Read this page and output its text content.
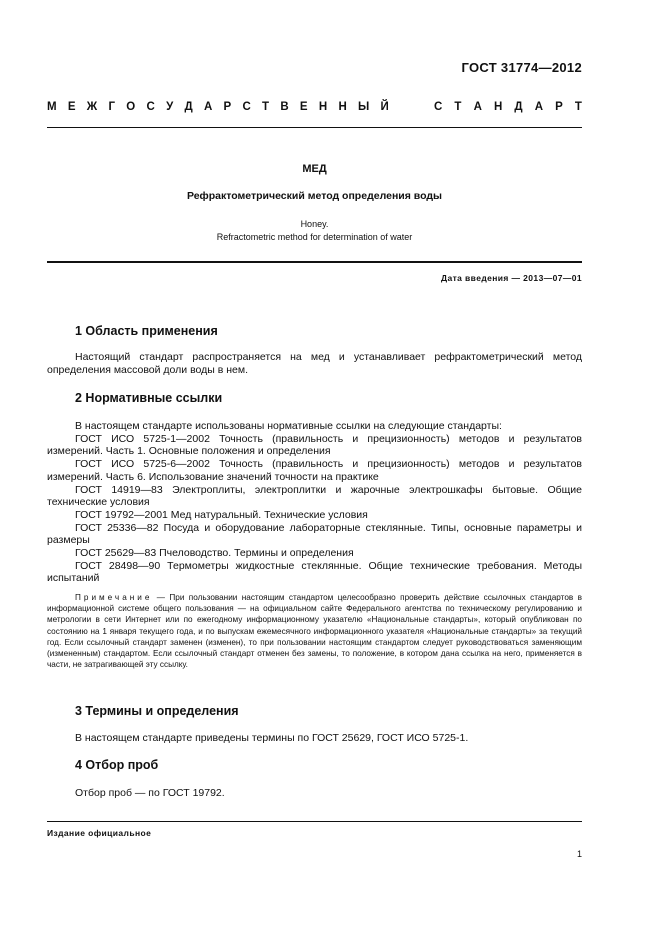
ГОСТ 31774—2012
М Е Ж Г О С У Д А Р С Т В Е Н Н Ы Й	С Т А Н Д А Р Т
МЕД
Рефрактометрический метод определения воды
Honey.
Refractometric method for determination of water
Дата введения — 2013—07—01
1 Область применения
Настоящий стандарт распространяется на мед и устанавливает рефрактометрический метод определения массовой доли воды в нем.
2 Нормативные ссылки
В настоящем стандарте использованы нормативные ссылки на следующие стандарты:
ГОСТ ИСО 5725-1—2002 Точность (правильность и прецизионность) методов и результатов измерений. Часть 1. Основные положения и определения
ГОСТ ИСО 5725-6—2002 Точность (правильность и прецизионность) методов и результатов измерений. Часть 6. Использование значений точности на практике
ГОСТ 14919—83 Электроплиты, электроплитки и жарочные электрошкафы бытовые. Общие технические условия
ГОСТ 19792—2001 Мед натуральный. Технические условия
ГОСТ 25336—82 Посуда и оборудование лабораторные стеклянные. Типы, основные параметры и размеры
ГОСТ 25629—83 Пчеловодство. Термины и определения
ГОСТ 28498—90 Термометры жидкостные стеклянные. Общие технические требования. Методы испытаний
Примечание — При пользовании настоящим стандартом целесообразно проверить действие ссылочных стандартов в информационной системе общего пользования — на официальном сайте Федерального агентства по техническому регулированию и метрологии в сети Интернет или по ежегодному информационному указателю «Национальные стандарты», который опубликован по состоянию на 1 января текущего года, и по выпускам ежемесячного информационного указателя «Национальные стандарты» за текущий год. Если ссылочный стандарт заменен (изменен), то при пользовании настоящим стандартом следует руководствоваться заменяющим (измененным) стандартом. Если ссылочный стандарт отменен без замены, то положение, в котором дана ссылка на него, применяется в части, не затрагивающей эту ссылку.
3 Термины и определения
В настоящем стандарте приведены термины по ГОСТ 25629, ГОСТ ИСО 5725-1.
4 Отбор проб
Отбор проб — по ГОСТ 19792.
Издание официальное
1
